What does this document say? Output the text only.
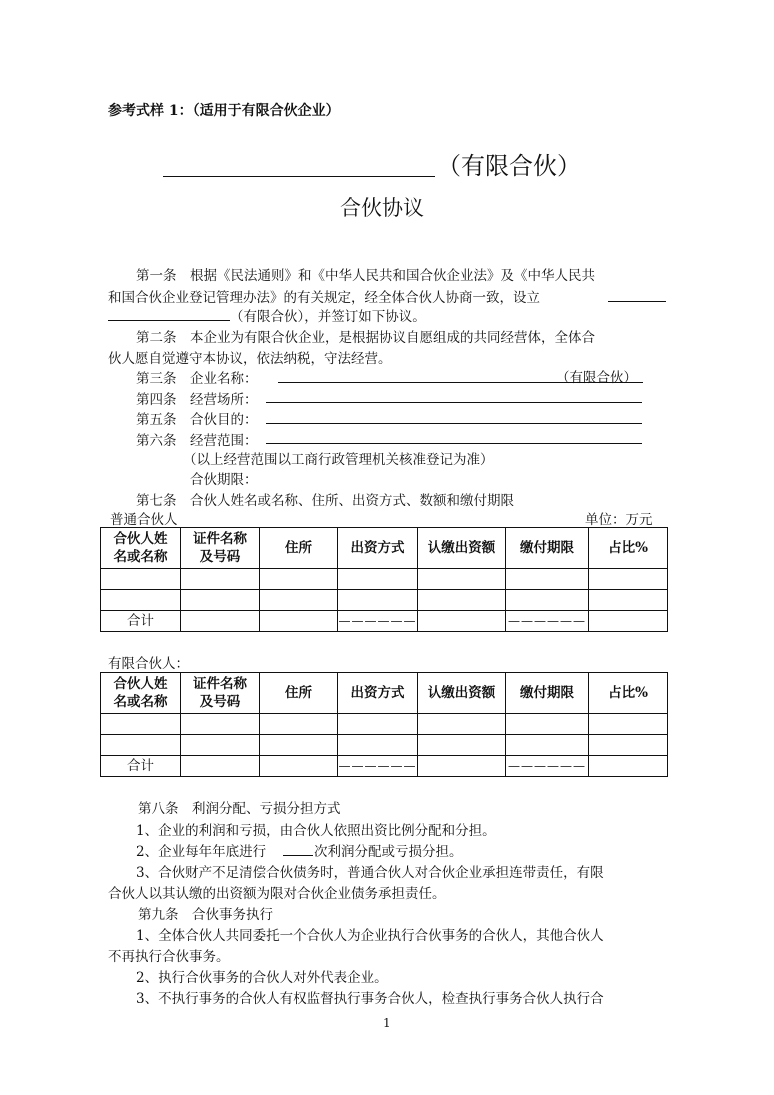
参考式样 1：（适用于有限合伙企业）
（有限合伙）
合伙协议
第一条　根据《民法通则》和《中华人民共和国合伙企业法》及《中华人民共
和国合伙企业登记管理办法》的有关规定，经全体合伙人协商一致，设立
（有限合伙），并签订如下协议。
第二条　本企业为有限合伙企业，是根据协议自愿组成的共同经营体，全体合
伙人愿自觉遵守本协议，依法纳税，守法经营。
第三条　企业名称：	（有限合伙）
第四条　经营场所：
第五条　合伙目的：
第六条　经营范围：
（以上经营范围以工商行政管理机关核准登记为准）
合伙期限：
第七条　合伙人姓名或名称、住所、出资方式、数额和缴付期限
普通合伙人	单位：万元
合伙人姓
名或名称	证件名称
及号码	住所	出资方式	认缴出资额	缴付期限	占比%

合计			——————		——————	
有限合伙人：
合伙人姓
名或名称	证件名称
及号码	住所	出资方式	认缴出资额	缴付期限	占比%

合计			——————		——————	
第八条　利润分配、亏损分担方式
1、企业的利润和亏损，由合伙人依照出资比例分配和分担。
2、企业每年年底进行	次利润分配或亏损分担。
3、合伙财产不足清偿合伙债务时，普通合伙人对合伙企业承担连带责任，有限
合伙人以其认缴的出资额为限对合伙企业债务承担责任。
第九条　合伙事务执行
1、全体合伙人共同委托一个合伙人为企业执行合伙事务的合伙人，其他合伙人
不再执行合伙事务。
2、执行合伙事务的合伙人对外代表企业。
3、不执行事务的合伙人有权监督执行事务合伙人，检查执行事务合伙人执行合
1
